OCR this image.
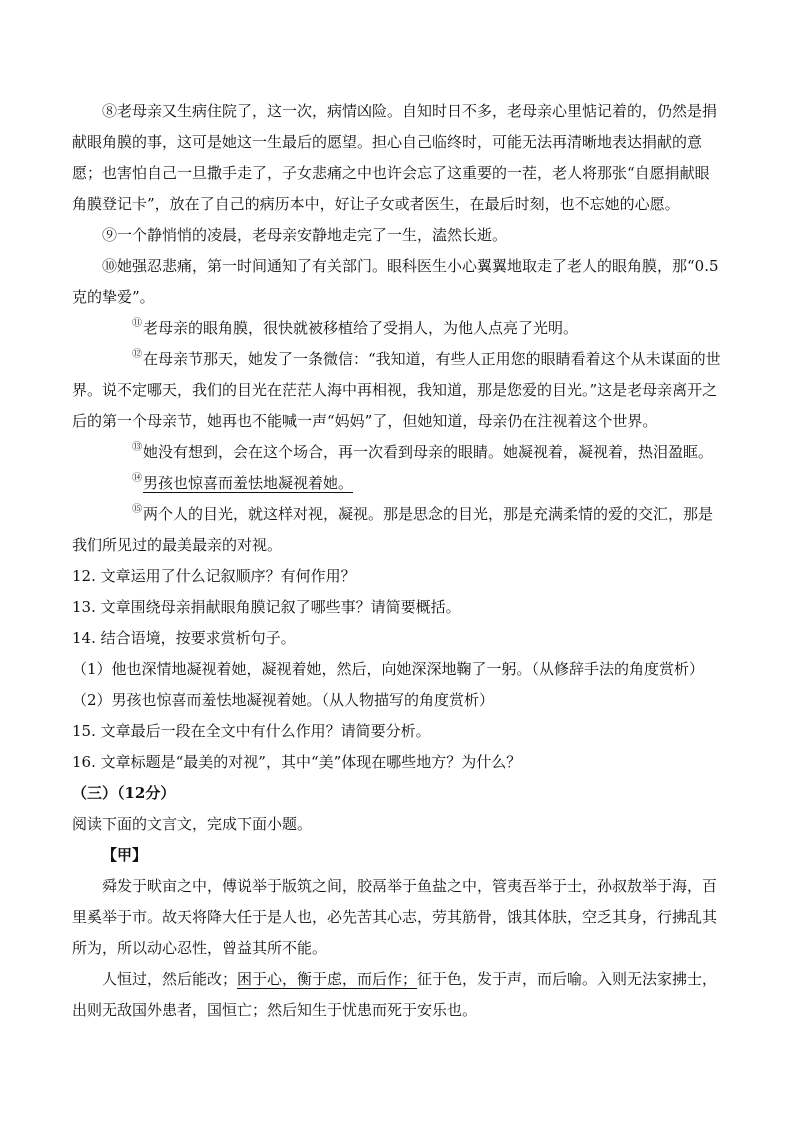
⑧老母亲又生病住院了，这一次，病情凶险。自知时日不多，老母亲心里惦记着的，仍然是捐献眼角膜的事，这可是她这一生最后的愿望。担心自己临终时，可能无法再清晰地表达捐献的意愿；也害怕自己一旦撒手走了，子女悲痛之中也许会忘了这重要的一茬，老人将那张“自愿捐献眼角膜登记卡”，放在了自己的病历本中，好让子女或者医生，在最后时刻，也不忘她的心愿。

⑨一个静悄悄的凌晨，老母亲安静地走完了一生，溘然长逝。

⑩她强忍悲痛，第一时间通知了有关部门。眼科医生小心翼翼地取走了老人的眼角膜，那“0.5克的挚爱”。

⑪老母亲的眼角膜，很快就被移植给了受捐人，为他人点亮了光明。

⑫在母亲节那天，她发了一条微信：“我知道，有些人正用您的眼睛看着这个从未谋面的世界。说不定哪天，我们的目光在茫茫人海中再相视，我知道，那是您爱的目光。”这是老母亲离开之后的第一个母亲节，她再也不能喊一声“妈妈”了，但她知道，母亲仍在注视着这个世界。

⑬她没有想到，会在这个场合，再一次看到母亲的眼睛。她凝视着，凝视着，热泪盈眶。

⑭男孩也惊喜而羞怯地凝视着她。

⑮两个人的目光，就这样对视，凝视。那是思念的目光，那是充满柔情的爱的交汇，那是我们所见过的最美最亲的对视。

12. 文章运用了什么记叙顺序？有何作用？

13. 文章围绕母亲捐献眼角膜记叙了哪些事？请简要概括。

14. 结合语境，按要求赏析句子。

（1）他也深情地凝视着她，凝视着她，然后，向她深深地鞠了一躬。（从修辞手法的角度赏析）

（2）男孩也惊喜而羞怯地凝视着她。（从人物描写的角度赏析）

15. 文章最后一段在全文中有什么作用？请简要分析。

16. 文章标题是“最美的对视”，其中“美”体现在哪些地方？为什么？

（三）（12分）

阅读下面的文言文，完成下面小题。

【甲】

舜发于畎亩之中，傅说举于版筑之间，胶鬲举于鱼盐之中，管夷吾举于士，孙叔敖举于海，百里奚举于市。故天将降大任于是人也，必先苦其心志，劳其筋骨，饿其体肤，空乏其身，行拂乱其所为，所以动心忍性，曾益其所不能。

人恒过，然后能改；困于心，衡于虑，而后作；征于色，发于声，而后喻。入则无法家拂士，出则无敌国外患者，国恒亡；然后知生于忧患而死于安乐也。
